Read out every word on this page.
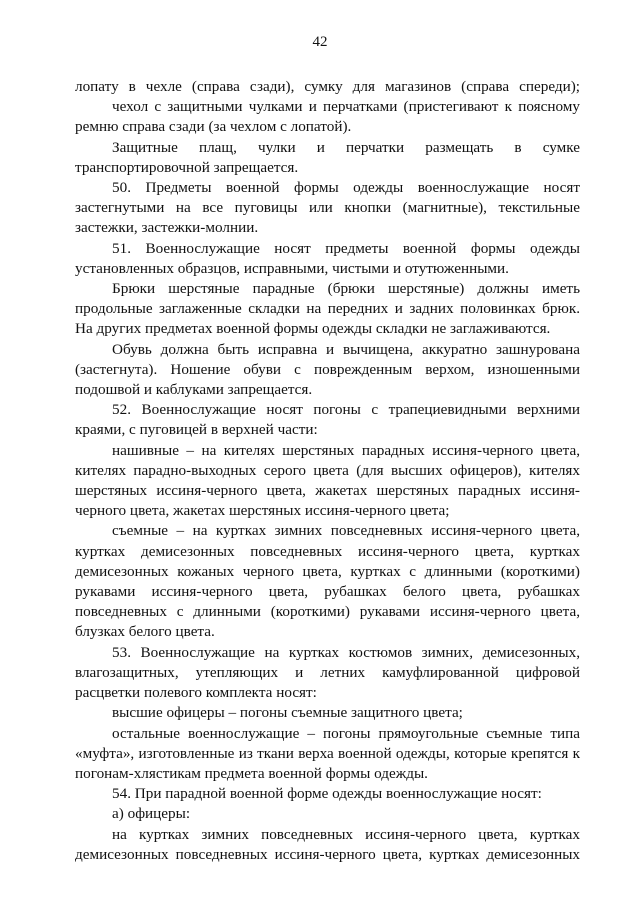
42

лопату в чехле (справа сзади), сумку для магазинов (справа спереди);

чехол с защитными чулками и перчатками (пристегивают к поясному ремню справа сзади (за чехлом с лопатой).

Защитные плащ, чулки и перчатки размещать в сумке транспортировочной запрещается.

50. Предметы военной формы одежды военнослужащие носят застегнутыми на все пуговицы или кнопки (магнитные), текстильные застежки, застежки-молнии.

51. Военнослужащие носят предметы военной формы одежды установленных образцов, исправными, чистыми и отутюженными.

Брюки шерстяные парадные (брюки шерстяные) должны иметь продольные заглаженные складки на передних и задних половинках брюк. На других предметах военной формы одежды складки не заглаживаются.

Обувь должна быть исправна и вычищена, аккуратно зашнурована (застегнута). Ношение обуви с поврежденным верхом, изношенными подошвой и каблуками запрещается.

52. Военнослужащие носят погоны с трапециевидными верхними краями, с пуговицей в верхней части:

нашивные – на кителях шерстяных парадных иссиня-черного цвета, кителях парадно-выходных серого цвета (для высших офицеров), кителях шерстяных иссиня-черного цвета, жакетах шерстяных парадных иссиня-черного цвета, жакетах шерстяных иссиня-черного цвета;

съемные – на куртках зимних повседневных иссиня-черного цвета, куртках демисезонных повседневных иссиня-черного цвета, куртках демисезонных кожаных черного цвета, куртках с длинными (короткими) рукавами иссиня-черного цвета, рубашках белого цвета, рубашках повседневных с длинными (короткими) рукавами иссиня-черного цвета, блузках белого цвета.

53. Военнослужащие на куртках костюмов зимних, демисезонных, влагозащитных, утепляющих и летних камуфлированной цифровой расцветки полевого комплекта носят:

высшие офицеры – погоны съемные защитного цвета;

остальные военнослужащие – погоны прямоугольные съемные типа «муфта», изготовленные из ткани верха военной одежды, которые крепятся к погонам-хлястикам предмета военной формы одежды.

54. При парадной военной форме одежды военнослужащие носят:

а) офицеры:

на куртках зимних повседневных иссиня-черного цвета, куртках демисезонных повседневных иссиня-черного цвета, куртках демисезонных
